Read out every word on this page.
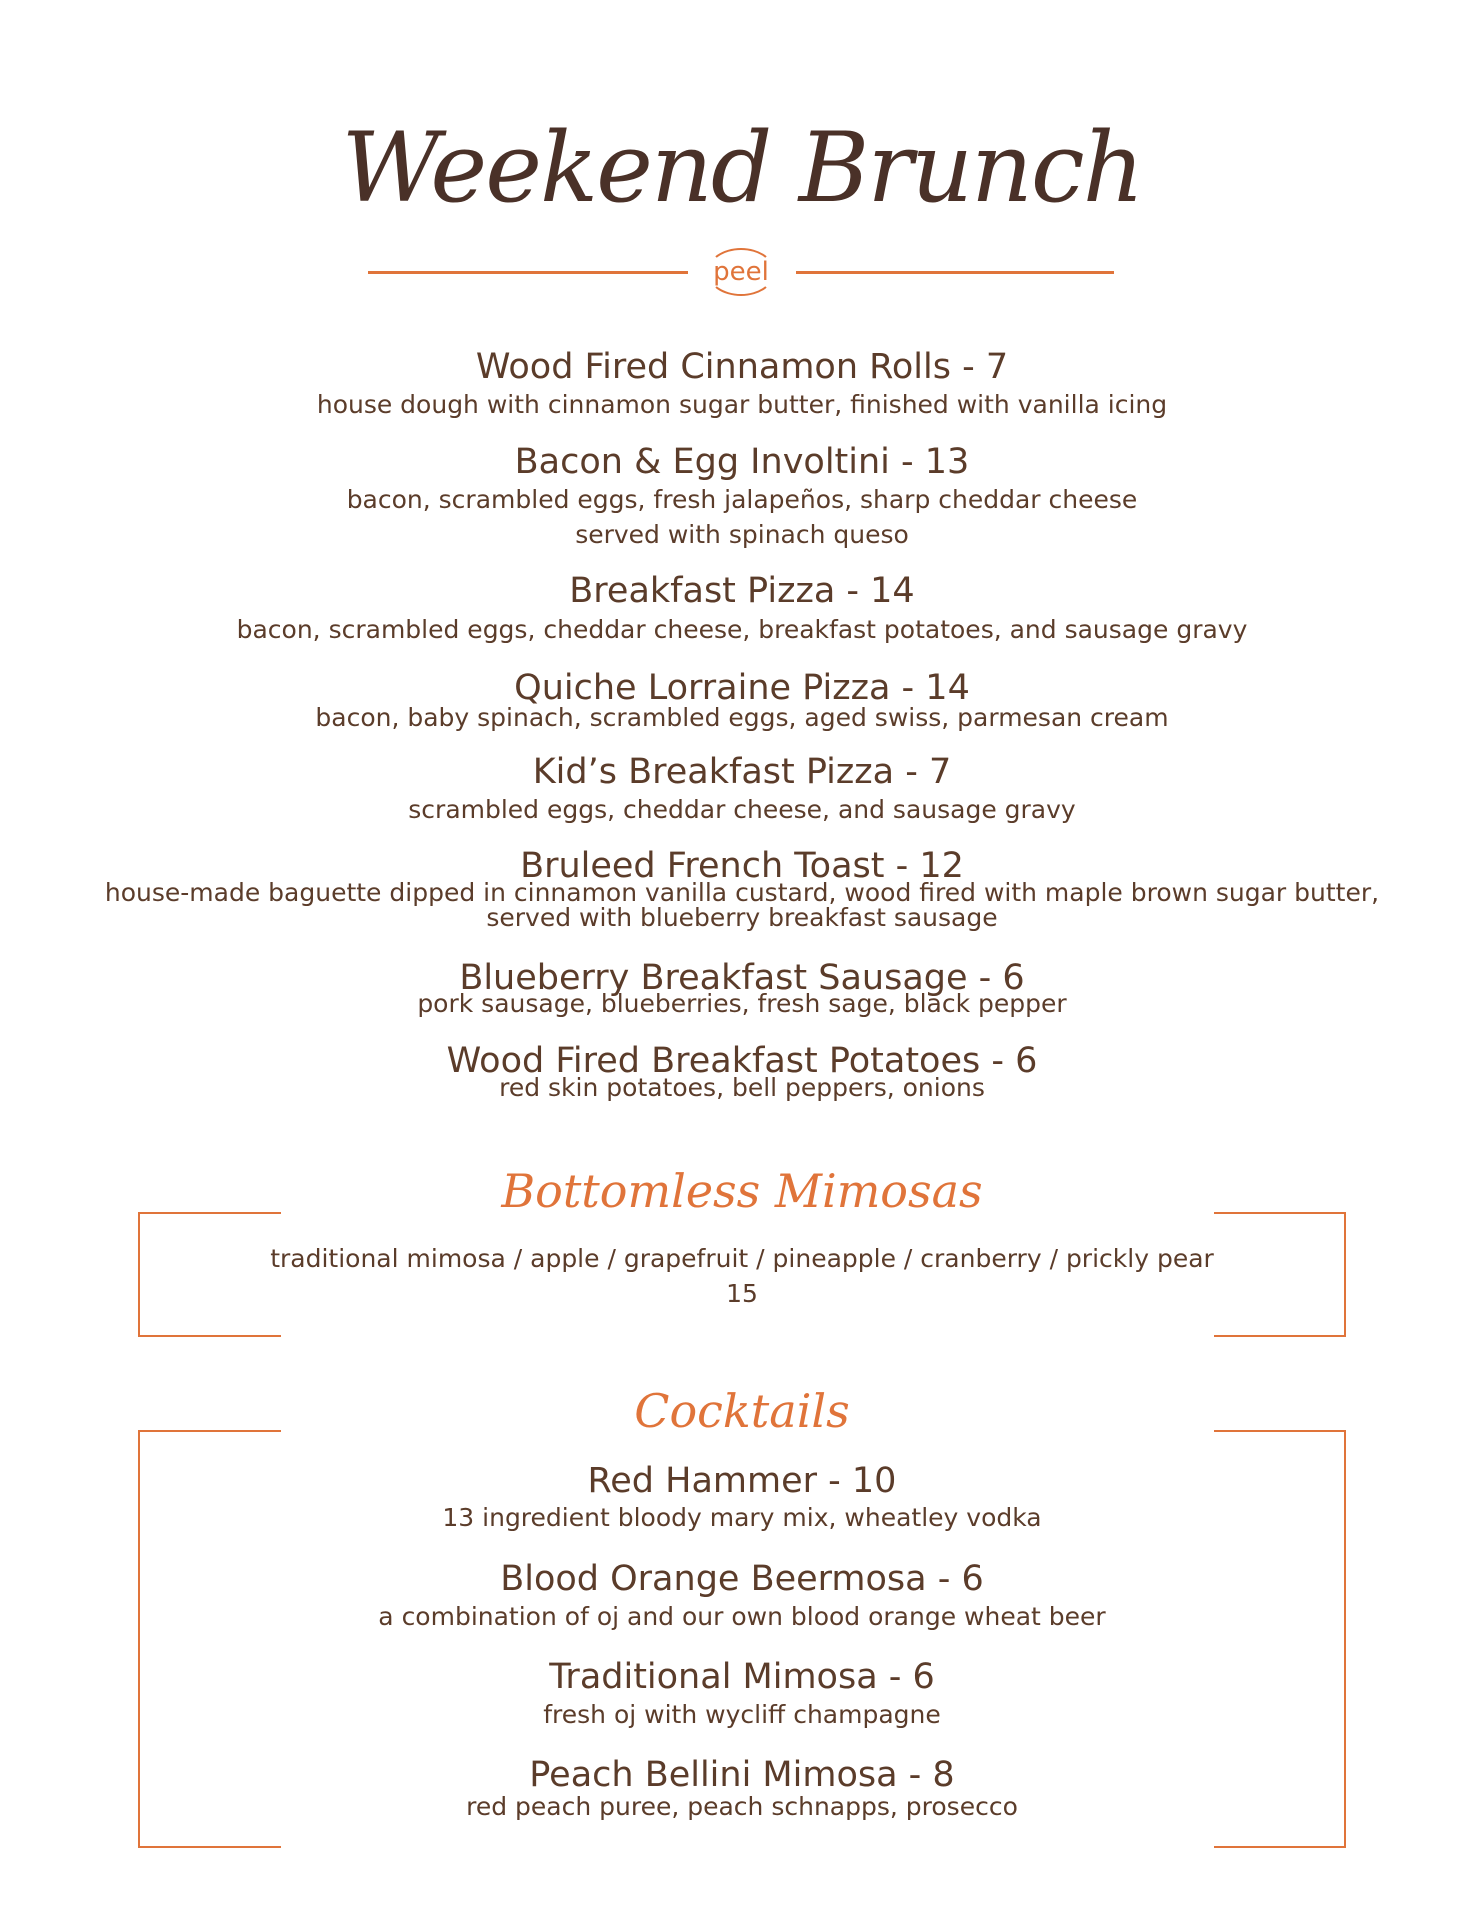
Weekend Brunch
peel
Wood Fired Cinnamon Rolls - 7
house dough with cinnamon sugar butter, finished with vanilla icing
Bacon & Egg Involtini - 13
bacon, scrambled eggs, fresh jalapeños, sharp cheddar cheese
served with spinach queso
Breakfast Pizza - 14
bacon, scrambled eggs, cheddar cheese, breakfast potatoes, and sausage gravy
Quiche Lorraine Pizza - 14
bacon, baby spinach, scrambled eggs, aged swiss, parmesan cream
Kid’s Breakfast Pizza - 7
scrambled eggs, cheddar cheese, and sausage gravy
Bruleed French Toast - 12
house-made baguette dipped in cinnamon vanilla custard, wood fired with maple brown sugar butter,
served with blueberry breakfast sausage
Blueberry Breakfast Sausage - 6
pork sausage, blueberries, fresh sage, black pepper
Wood Fired Breakfast Potatoes - 6
red skin potatoes, bell peppers, onions
Bottomless Mimosas
traditional mimosa / apple / grapefruit / pineapple / cranberry / prickly pear
15
Cocktails
Red Hammer - 10
13 ingredient bloody mary mix, wheatley vodka
Blood Orange Beermosa - 6
a combination of oj and our own blood orange wheat beer
Traditional Mimosa - 6
fresh oj with wycliff champagne
Peach Bellini Mimosa - 8
red peach puree, peach schnapps, prosecco
